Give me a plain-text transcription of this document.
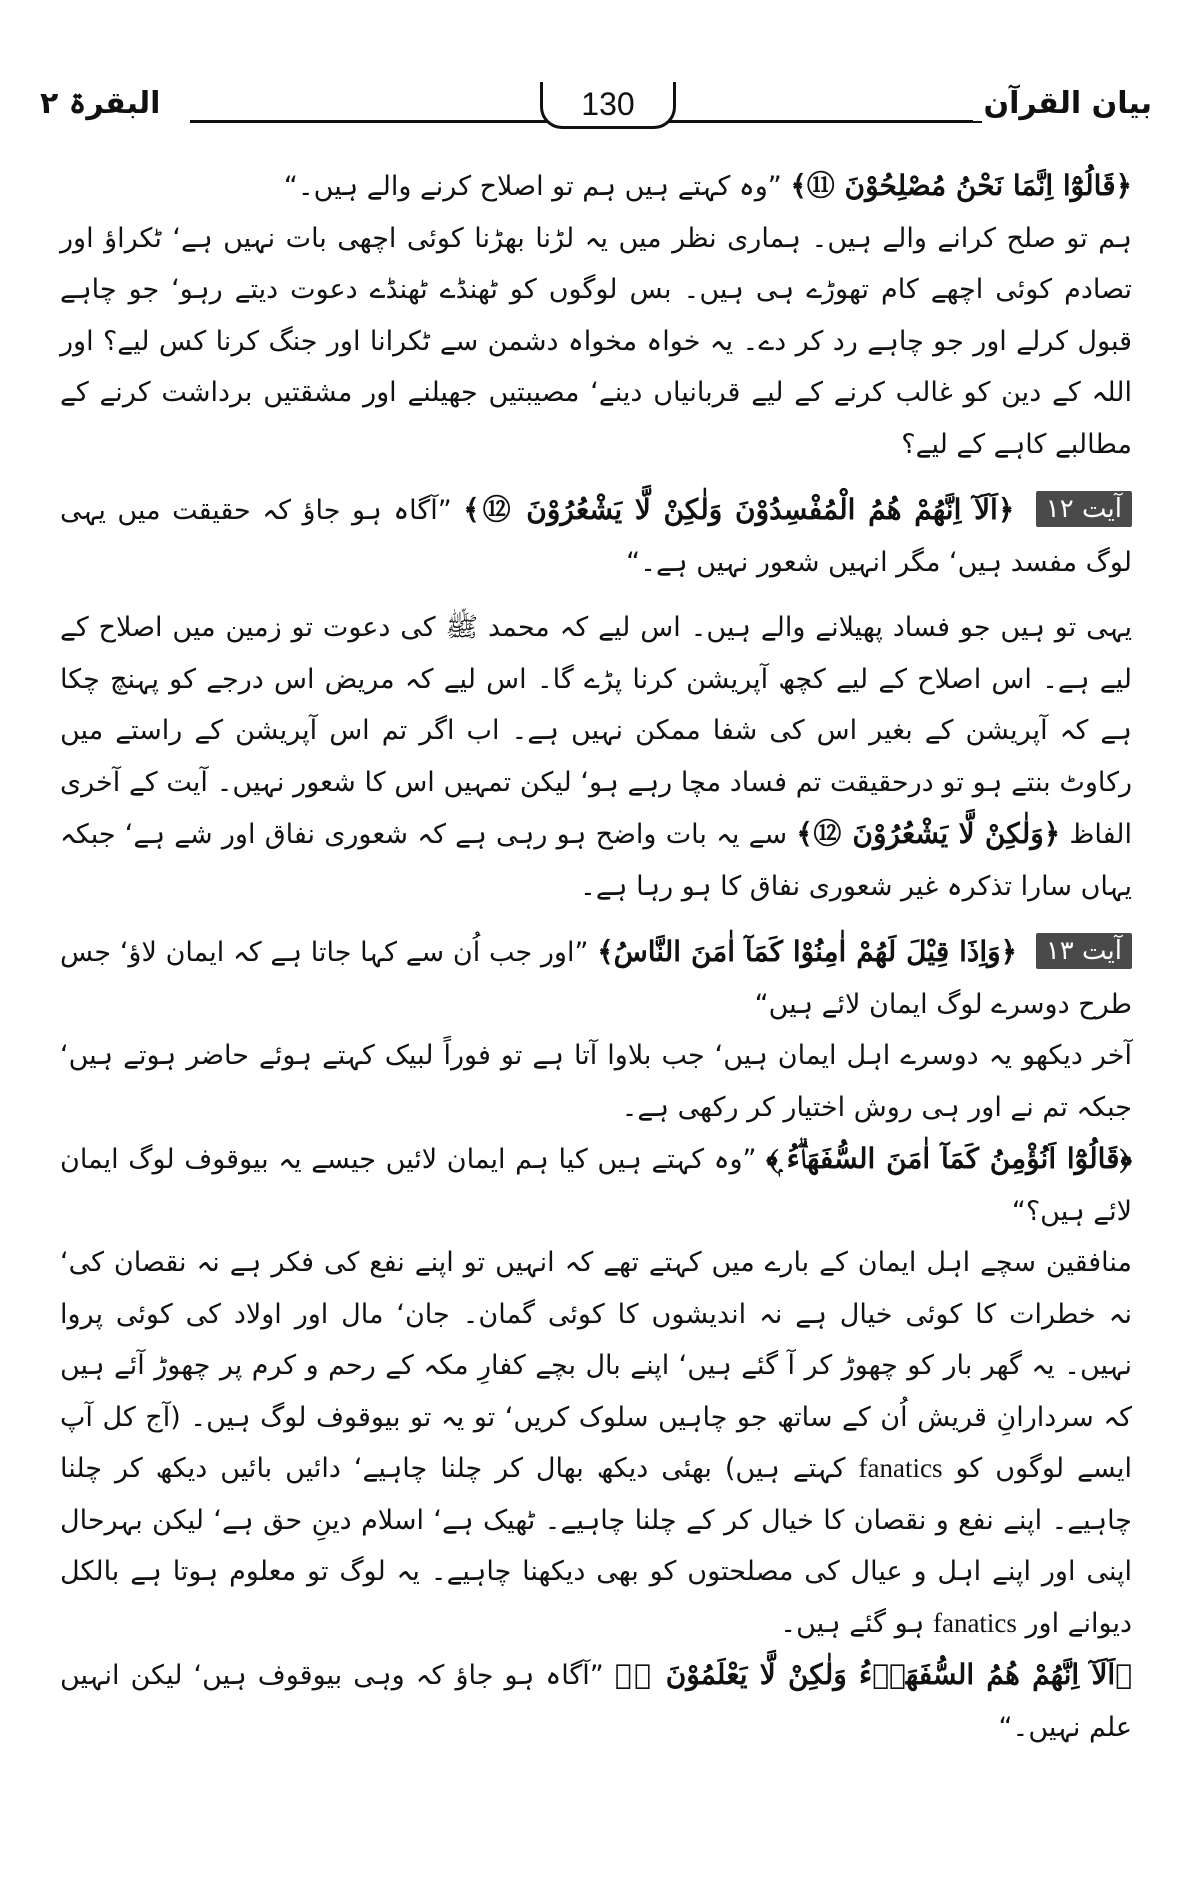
بیان القرآن
130
البقرۃ ۲

﴿قَالُوْٓا اِنَّمَا نَحْنُ مُصْلِحُوْنَ ⑪﴾ ”وہ کہتے ہیں ہم تو اصلاح کرنے والے ہیں۔“

ہم تو صلح کرانے والے ہیں۔ ہماری نظر میں یہ لڑنا بھڑنا کوئی اچھی بات نہیں ہے‘ ٹکراؤ اور تصادم کوئی اچھے کام تھوڑے ہی ہیں۔ بس لوگوں کو ٹھنڈے ٹھنڈے دعوت دیتے رہو‘ جو چاہے قبول کرلے اور جو چاہے رد کر دے۔ یہ خواہ مخواہ دشمن سے ٹکرانا اور جنگ کرنا کس لیے؟ اور اللہ کے دین کو غالب کرنے کے لیے قربانیاں دینے‘ مصیبتیں جھیلنے اور مشقتیں برداشت کرنے کے مطالبے کاہے کے لیے؟

آیت ۱۲ ﴿اَلَآ اِنَّھُمْ ھُمُ الْمُفْسِدُوْنَ وَلٰكِنْ لَّا یَشْعُرُوْنَ ⑫﴾ ”آگاہ ہو جاؤ کہ حقیقت میں یہی لوگ مفسد ہیں‘ مگر انہیں شعور نہیں ہے۔“

یہی تو ہیں جو فساد پھیلانے والے ہیں۔ اس لیے کہ محمد ﷺ کی دعوت تو زمین میں اصلاح کے لیے ہے۔ اس اصلاح کے لیے کچھ آپریشن کرنا پڑے گا۔ اس لیے کہ مریض اس درجے کو پہنچ چکا ہے کہ آپریشن کے بغیر اس کی شفا ممکن نہیں ہے۔ اب اگر تم اس آپریشن کے راستے میں رکاوٹ بنتے ہو تو درحقیقت تم فساد مچا رہے ہو‘ لیکن تمہیں اس کا شعور نہیں۔ آیت کے آخری الفاظ ﴿وَلٰكِنْ لَّا یَشْعُرُوْنَ ⑫﴾ سے یہ بات واضح ہو رہی ہے کہ شعوری نفاق اور شے ہے‘ جبکہ یہاں سارا تذکرہ غیر شعوری نفاق کا ہو رہا ہے۔

آیت ۱۳ ﴿وَاِذَا قِیْلَ لَھُمْ اٰمِنُوْا كَمَآ اٰمَنَ النَّاسُ﴾ ”اور جب اُن سے کہا جاتا ہے کہ ایمان لاؤ‘ جس طرح دوسرے لوگ ایمان لائے ہیں“

آخر دیکھو یہ دوسرے اہل ایمان ہیں‘ جب بلاوا آتا ہے تو فوراً لبیک کہتے ہوئے حاضر ہوتے ہیں‘ جبکہ تم نے اور ہی روش اختیار کر رکھی ہے۔

﴿قَالُوْٓا اَنُؤْمِنُ كَمَآ اٰمَنَ السُّفَھَاۗءُ ۭ﴾ ”وہ کہتے ہیں کیا ہم ایمان لائیں جیسے یہ بیوقوف لوگ ایمان لائے ہیں؟“

منافقین سچے اہل ایمان کے بارے میں کہتے تھے کہ انہیں تو اپنے نفع کی فکر ہے نہ نقصان کی‘ نہ خطرات کا کوئی خیال ہے نہ اندیشوں کا کوئی گمان۔ جان‘ مال اور اولاد کی کوئی پروا نہیں۔ یہ گھر بار کو چھوڑ کر آ گئے ہیں‘ اپنے بال بچے کفارِ مکہ کے رحم و کرم پر چھوڑ آئے ہیں کہ سردارانِ قریش اُن کے ساتھ جو چاہیں سلوک کریں‘ تو یہ تو بیوقوف لوگ ہیں۔ (آج کل آپ ایسے لوگوں کو fanatics کہتے ہیں) بھئی دیکھ بھال کر چلنا چاہیے‘ دائیں بائیں دیکھ کر چلنا چاہیے۔ اپنے نفع و نقصان کا خیال کر کے چلنا چاہیے۔ ٹھیک ہے‘ اسلام دینِ حق ہے‘ لیکن بہرحال اپنی اور اپنے اہل و عیال کی مصلحتوں کو بھی دیکھنا چاہیے۔ یہ لوگ تو معلوم ہوتا ہے بالکل دیوانے اور fanatics ہو گئے ہیں۔

﴿اَلَآ اِنَّھُمْ ھُمُ السُّفَھَاۗءُ وَلٰكِنْ لَّا یَعْلَمُوْنَ ⑬﴾ ”آگاہ ہو جاؤ کہ وہی بیوقوف ہیں‘ لیکن انہیں علم نہیں۔“
